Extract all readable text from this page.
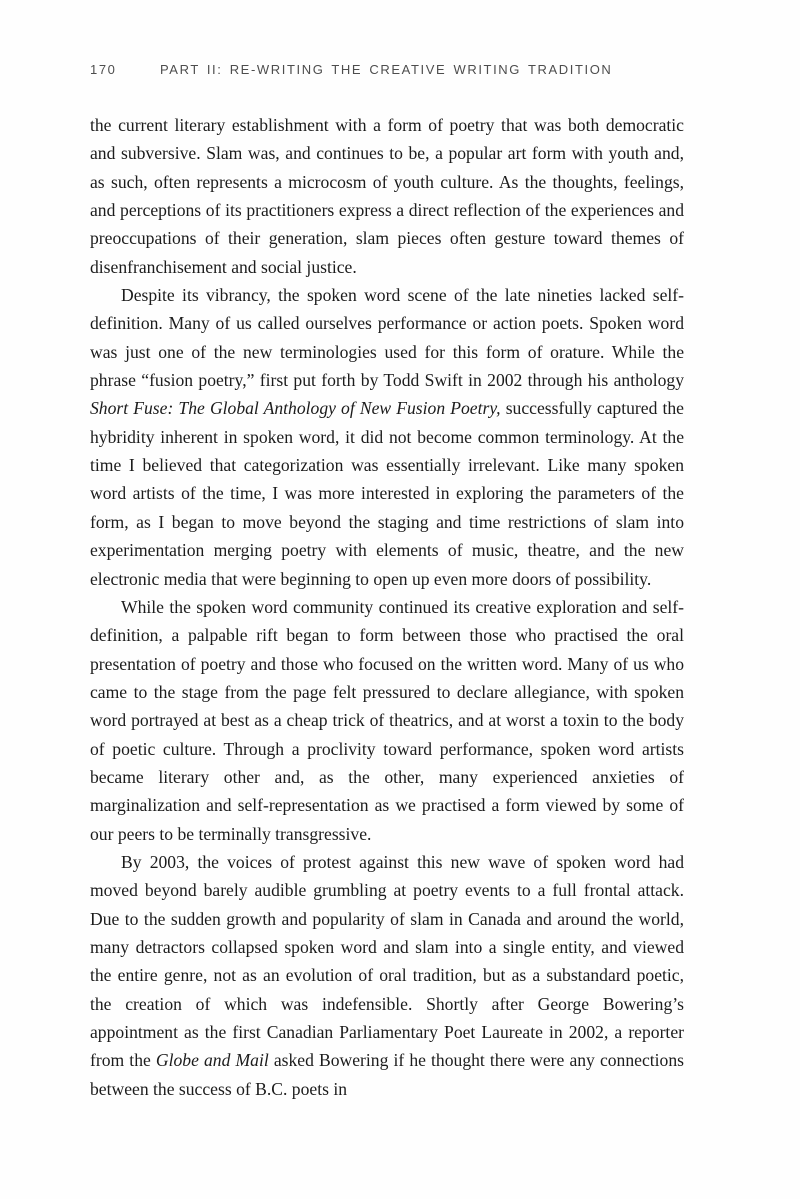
170	PART II: RE-WRITING THE CREATIVE WRITING TRADITION

the current literary establishment with a form of poetry that was both democratic and subversive. Slam was, and continues to be, a popular art form with youth and, as such, often represents a microcosm of youth culture. As the thoughts, feelings, and perceptions of its practitioners express a direct reflection of the experiences and preoccupations of their generation, slam pieces often gesture toward themes of disenfranchisement and social justice.

Despite its vibrancy, the spoken word scene of the late nineties lacked self-definition. Many of us called ourselves performance or action poets. Spoken word was just one of the new terminologies used for this form of orature. While the phrase “fusion poetry,” first put forth by Todd Swift in 2002 through his anthology Short Fuse: The Global Anthology of New Fusion Poetry, successfully captured the hybridity inherent in spoken word, it did not become common terminology. At the time I believed that categorization was essentially irrelevant. Like many spoken word artists of the time, I was more interested in exploring the parameters of the form, as I began to move beyond the staging and time restrictions of slam into experimentation merging poetry with elements of music, theatre, and the new electronic media that were beginning to open up even more doors of possibility.

While the spoken word community continued its creative exploration and self-definition, a palpable rift began to form between those who practised the oral presentation of poetry and those who focused on the written word. Many of us who came to the stage from the page felt pressured to declare allegiance, with spoken word portrayed at best as a cheap trick of theatrics, and at worst a toxin to the body of poetic culture. Through a proclivity toward performance, spoken word artists became literary other and, as the other, many experienced anxieties of marginalization and self-representation as we practised a form viewed by some of our peers to be terminally transgressive.

By 2003, the voices of protest against this new wave of spoken word had moved beyond barely audible grumbling at poetry events to a full frontal attack. Due to the sudden growth and popularity of slam in Canada and around the world, many detractors collapsed spoken word and slam into a single entity, and viewed the entire genre, not as an evolution of oral tradition, but as a substandard poetic, the creation of which was indefensible. Shortly after George Bowering’s appointment as the first Canadian Parliamentary Poet Laureate in 2002, a reporter from the Globe and Mail asked Bowering if he thought there were any connections between the success of B.C. poets in
